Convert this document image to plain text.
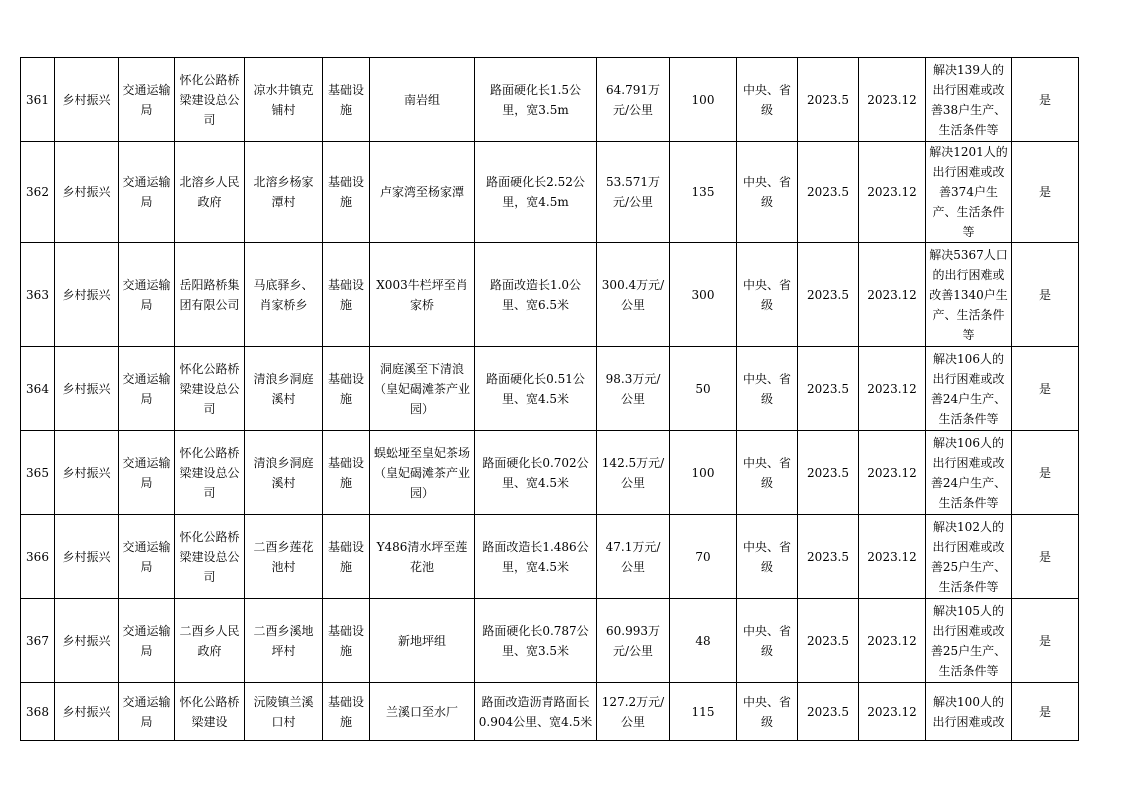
361	乡村振兴	交通运输局	怀化公路桥梁建设总公司	凉水井镇克铺村	基础设施	南岩组	路面硬化长1.5公里，宽3.5m	64.791万元/公里	100	中央、省级	2023.5	2023.12	解决139人的出行困难或改善38户生产、生活条件等	是
362	乡村振兴	交通运输局	北溶乡人民政府	北溶乡杨家潭村	基础设施	卢家湾至杨家潭	路面硬化长2.52公里，宽4.5m	53.571万元/公里	135	中央、省级	2023.5	2023.12	解决1201人的出行困难或改善374户生产、生活条件等	是
363	乡村振兴	交通运输局	岳阳路桥集团有限公司	马底驿乡、肖家桥乡	基础设施	X003牛栏坪至肖家桥	路面改造长1.0公里、宽6.5米	300.4万元/公里	300	中央、省级	2023.5	2023.12	解决5367人口的出行困难或改善1340户生产、生活条件等	是
364	乡村振兴	交通运输局	怀化公路桥梁建设总公司	清浪乡洞庭溪村	基础设施	洞庭溪至下清浪（皇妃碣滩茶产业园）	路面硬化长0.51公里、宽4.5米	98.3万元/公里	50	中央、省级	2023.5	2023.12	解决106人的出行困难或改善24户生产、生活条件等	是
365	乡村振兴	交通运输局	怀化公路桥梁建设总公司	清浪乡洞庭溪村	基础设施	蜈蚣垭至皇妃茶场（皇妃碣滩茶产业园）	路面硬化长0.702公里、宽4.5米	142.5万元/公里	100	中央、省级	2023.5	2023.12	解决106人的出行困难或改善24户生产、生活条件等	是
366	乡村振兴	交通运输局	怀化公路桥梁建设总公司	二酉乡莲花池村	基础设施	Y486清水坪至莲花池	路面改造长1.486公里，宽4.5米	47.1万元/公里	70	中央、省级	2023.5	2023.12	解决102人的出行困难或改善25户生产、生活条件等	是
367	乡村振兴	交通运输局	二酉乡人民政府	二酉乡溪地坪村	基础设施	新地坪组	路面硬化长0.787公里、宽3.5米	60.993万元/公里	48	中央、省级	2023.5	2023.12	解决105人的出行困难或改善25户生产、生活条件等	是
368	乡村振兴	交通运输局	怀化公路桥梁建设	沅陵镇兰溪口村	基础设施	兰溪口至水厂	路面改造沥青路面长0.904公里、宽4.5米	127.2万元/公里	115	中央、省级	2023.5	2023.12	解决100人的出行困难或改	是
